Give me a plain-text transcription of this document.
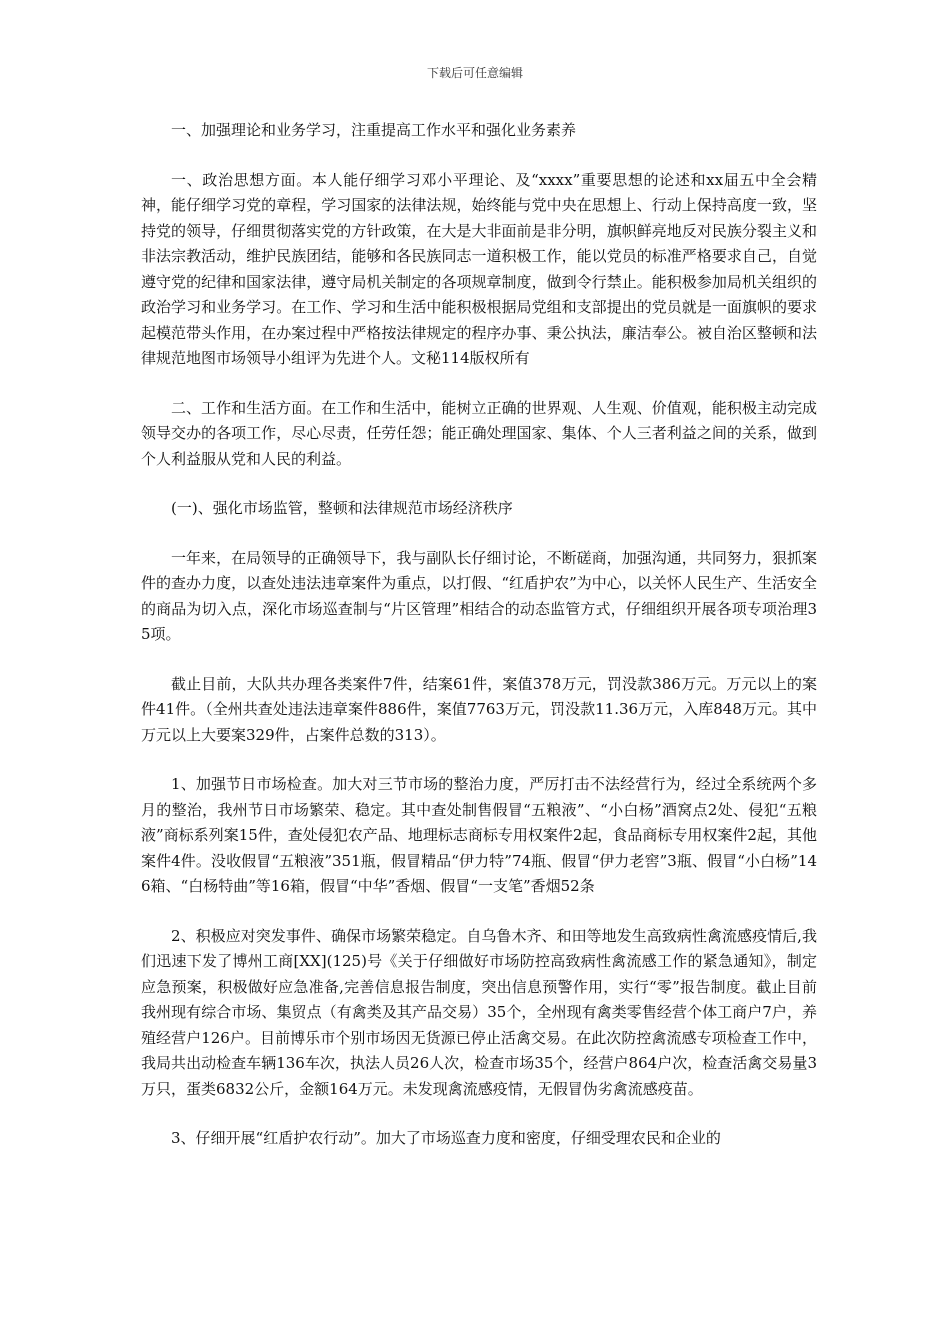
下载后可任意编辑

一、加强理论和业务学习，注重提高工作水平和强化业务素养

一、政治思想方面。本人能仔细学习邓小平理论、及“xxxx”重要思想的论述和xx届五中全会精神，能仔细学习党的章程，学习国家的法律法规，始终能与党中央在思想上、行动上保持高度一致，坚持党的领导，仔细贯彻落实党的方针政策，在大是大非面前是非分明，旗帜鲜亮地反对民族分裂主义和非法宗教活动，维护民族团结，能够和各民族同志一道积极工作，能以党员的标准严格要求自己，自觉遵守党的纪律和国家法律，遵守局机关制定的各项规章制度，做到令行禁止。能积极参加局机关组织的政治学习和业务学习。在工作、学习和生活中能积极根据局党组和支部提出的党员就是一面旗帜的要求起模范带头作用，在办案过程中严格按法律规定的程序办事、秉公执法，廉洁奉公。被自治区整顿和法律规范地图市场领导小组评为先进个人。文秘114版权所有

二、工作和生活方面。在工作和生活中，能树立正确的世界观、人生观、价值观，能积极主动完成领导交办的各项工作，尽心尽责，任劳任怨；能正确处理国家、集体、个人三者利益之间的关系，做到个人利益服从党和人民的利益。

(一)、强化市场监管，整顿和法律规范市场经济秩序

一年来，在局领导的正确领导下，我与副队长仔细讨论，不断磋商，加强沟通，共同努力，狠抓案件的查办力度，以查处违法违章案件为重点，以打假、“红盾护农”为中心，以关怀人民生产、生活安全的商品为切入点，深化市场巡查制与“片区管理”相结合的动态监管方式，仔细组织开展各项专项治理35项。

截止目前，大队共办理各类案件7件，结案61件，案值378万元，罚没款386万元。万元以上的案件41件。（全州共查处违法违章案件886件，案值7763万元，罚没款11.36万元，入库848万元。其中万元以上大要案329件，占案件总数的313）。

1、加强节日市场检查。加大对三节市场的整治力度，严厉打击不法经营行为，经过全系统两个多月的整治，我州节日市场繁荣、稳定。其中查处制售假冒“五粮液”、“小白杨”酒窝点2处、侵犯“五粮液”商标系列案15件，查处侵犯农产品、地理标志商标专用权案件2起，食品商标专用权案件2起，其他案件4件。没收假冒“五粮液”351瓶，假冒精品“伊力特”74瓶、假冒“伊力老窖”3瓶、假冒“小白杨”146箱、“白杨特曲”等16箱，假冒“中华”香烟、假冒“一支笔”香烟52条

2、积极应对突发事件、确保市场繁荣稳定。自乌鲁木齐、和田等地发生高致病性禽流感疫情后,我们迅速下发了博州工商[XX](125)号《关于仔细做好市场防控高致病性禽流感工作的紧急通知》，制定应急预案，积极做好应急准备,完善信息报告制度，突出信息预警作用，实行“零”报告制度。截止目前我州现有综合市场、集贸点（有禽类及其产品交易）35个，全州现有禽类零售经营个体工商户7户，养殖经营户126户。目前博乐市个别市场因无货源已停止活禽交易。在此次防控禽流感专项检查工作中，我局共出动检查车辆136车次，执法人员26人次，检查市场35个，经营户864户次，检查活禽交易量3万只，蛋类6832公斤，金额164万元。未发现禽流感疫情，无假冒伪劣禽流感疫苗。

3、仔细开展“红盾护农行动”。加大了市场巡查力度和密度，仔细受理农民和企业的
